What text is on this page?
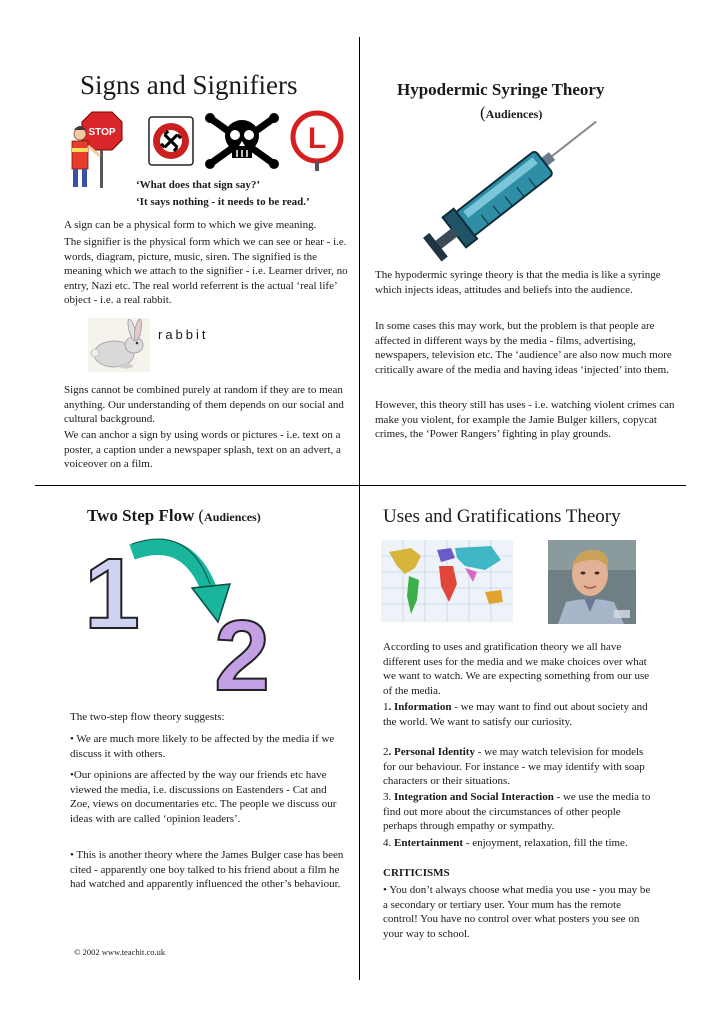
Signs and Signifiers
STOP	L
‘What does that sign say?’
‘It says nothing - it needs to be read.’

A sign can be a physical form to which we give meaning.

The signifier is the physical form which we can see or hear - i.e. words, diagram, picture, music, siren. The signified is the meaning which we attach to the signifier - i.e. Learner driver, no entry, Nazi etc. The real world referrent is the actual ‘real life’ object - i.e. a real rabbit.

rabbit

Signs cannot be combined purely at random if they are to mean anything. Our understanding of them depends on our social and cultural background.

We can anchor a sign by using words or pictures - i.e. text on a poster, a caption under a newspaper splash, text on an advert, a voiceover on a film.

Hypodermic Syringe Theory
(Audiences)

The hypodermic syringe theory is that the media is like a syringe which injects ideas, attitudes and beliefs into the audience.

In some cases this may work, but the problem is that people are affected in different ways by the media - films, advertising, newspapers, television etc. The ‘audience’ are also now much more critically aware of the media and having ideas ‘injected’ into them.

However, this theory still has uses - i.e. watching violent crimes can make you violent, for example the Jamie Bulger killers, copycat crimes, the ‘Power Rangers’ fighting in play grounds.

Two Step Flow (Audiences)
1
2

The two-step flow theory suggests:

• We are much more likely to be affected by the media if we discuss it with others.

•Our opinions are affected by the way our friends etc have viewed the media, i.e. discussions on Eastenders - Cat and Zoe, views on documentaries etc. The people we discuss our ideas with are called ‘opinion leaders’.

• This is another theory where the James Bulger case has been cited - apparently one boy talked to his friend about a film he had watched and apparently influenced the other’s behaviour.

© 2002 www.teachit.co.uk
Uses and Gratifications Theory

According to uses and gratification theory we all have different uses for the media and we make choices over what we want to watch. We are expecting something from our use of the media.

1. Information - we may want to find out about society and the world. We want to satisfy our curiosity.

2. Personal Identity - we may watch television for models for our behaviour. For instance - we may identify with soap characters or their situations.

3. Integration and Social Interaction - we use the media to find out more about the circumstances of other people perhaps through empathy or sympathy.

4. Entertainment - enjoyment, relaxation, fill the time.

CRITICISMS

• You don’t always choose what media you use - you may be a secondary or tertiary user. Your mum has the remote control! You have no control over what posters you see on your way to school.
